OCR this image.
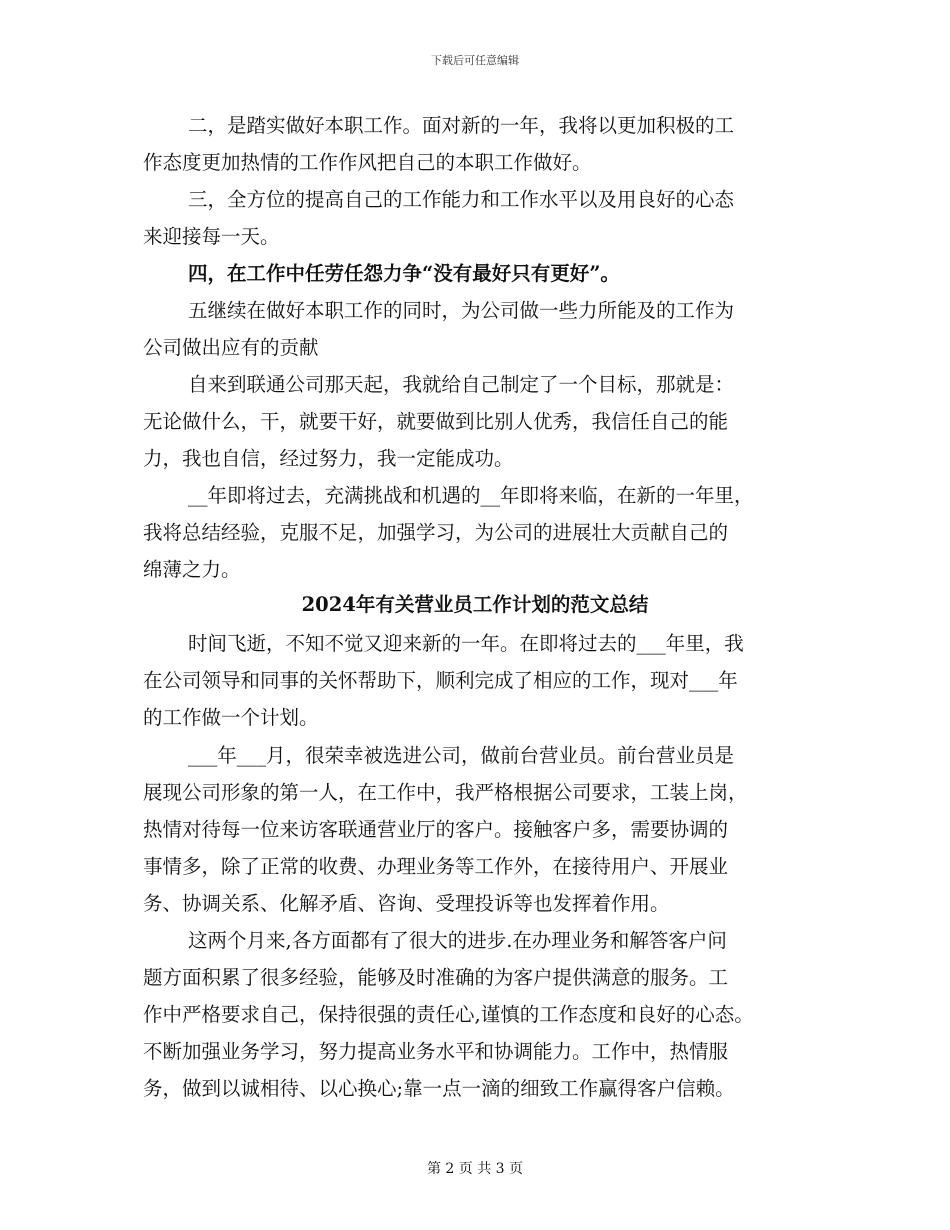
下载后可任意编辑
二，是踏实做好本职工作。面对新的一年，我将以更加积极的工
作态度更加热情的工作作风把自己的本职工作做好。
三，全方位的提高自己的工作能力和工作水平以及用良好的心态
来迎接每一天。
四，在工作中任劳任怨力争“没有最好只有更好”。
五继续在做好本职工作的同时，为公司做一些力所能及的工作为
公司做出应有的贡献
自来到联通公司那天起，我就给自己制定了一个目标，那就是：
无论做什么，干，就要干好，就要做到比别人优秀，我信任自己的能
力，我也自信，经过努力，我一定能成功。
__年即将过去，充满挑战和机遇的__年即将来临，在新的一年里，
我将总结经验，克服不足，加强学习，为公司的进展壮大贡献自己的
绵薄之力。
2024年有关营业员工作计划的范文总结
时间飞逝，不知不觉又迎来新的一年。在即将过去的___年里，我
在公司领导和同事的关怀帮助下，顺利完成了相应的工作，现对___年
的工作做一个计划。
___年___月，很荣幸被选进公司，做前台营业员。前台营业员是
展现公司形象的第一人，在工作中，我严格根据公司要求，工装上岗，
热情对待每一位来访客联通营业厅的客户。接触客户多，需要协调的
事情多，除了正常的收费、办理业务等工作外，在接待用户、开展业
务、协调关系、化解矛盾、咨询、受理投诉等也发挥着作用。
这两个月来,各方面都有了很大的进步.在办理业务和解答客户问
题方面积累了很多经验，能够及时准确的为客户提供满意的服务。工
作中严格要求自己，保持很强的责任心,谨慎的工作态度和良好的心态。
不断加强业务学习，努力提高业务水平和协调能力。工作中，热情服
务，做到以诚相待、以心换心;靠一点一滴的细致工作赢得客户信赖。
第 2 页 共 3 页
